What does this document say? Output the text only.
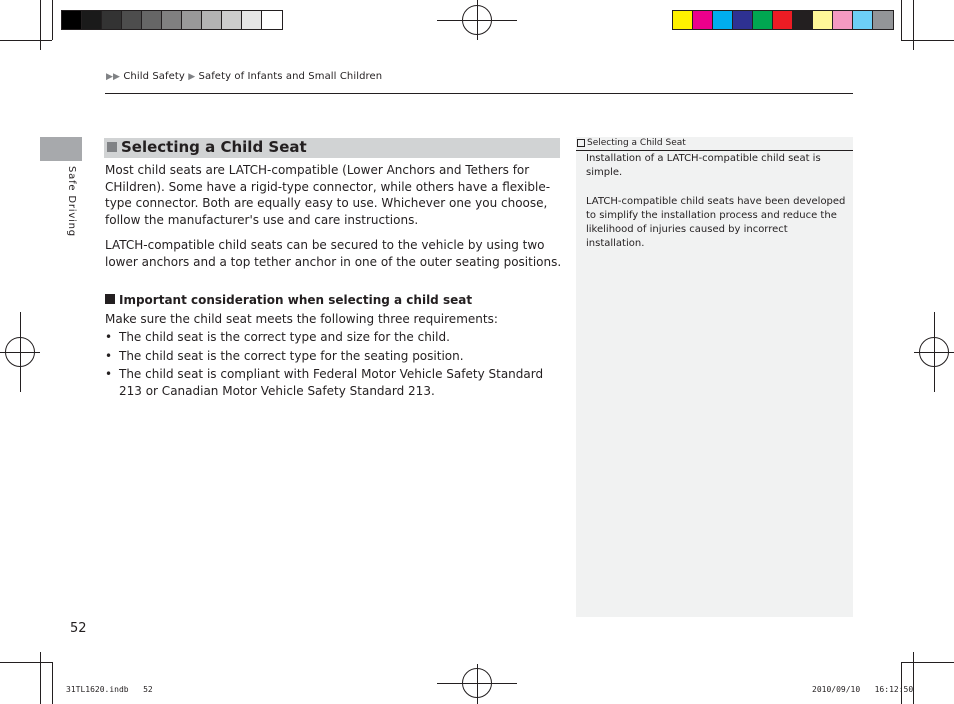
▶▶ Child Safety ▶ Safety of Infants and Small Children
Safe Driving
Selecting a Child Seat
Most child seats are LATCH-compatible (Lower Anchors and Tethers for CHildren). Some have a rigid-type connector, while others have a flexible-type connector. Both are equally easy to use. Whichever one you choose, follow the manufacturer's use and care instructions.
LATCH-compatible child seats can be secured to the vehicle by using two lower anchors and a top tether anchor in one of the outer seating positions.
Important consideration when selecting a child seat
Make sure the child seat meets the following three requirements:
• The child seat is the correct type and size for the child.
• The child seat is the correct type for the seating position.
• The child seat is compliant with Federal Motor Vehicle Safety Standard 213 or Canadian Motor Vehicle Safety Standard 213.
Selecting a Child Seat
Installation of a LATCH-compatible child seat is simple.
LATCH-compatible child seats have been developed to simplify the installation process and reduce the likelihood of injuries caused by incorrect installation.
52
31TL1620.indb   52	2010/09/10   16:12:50
